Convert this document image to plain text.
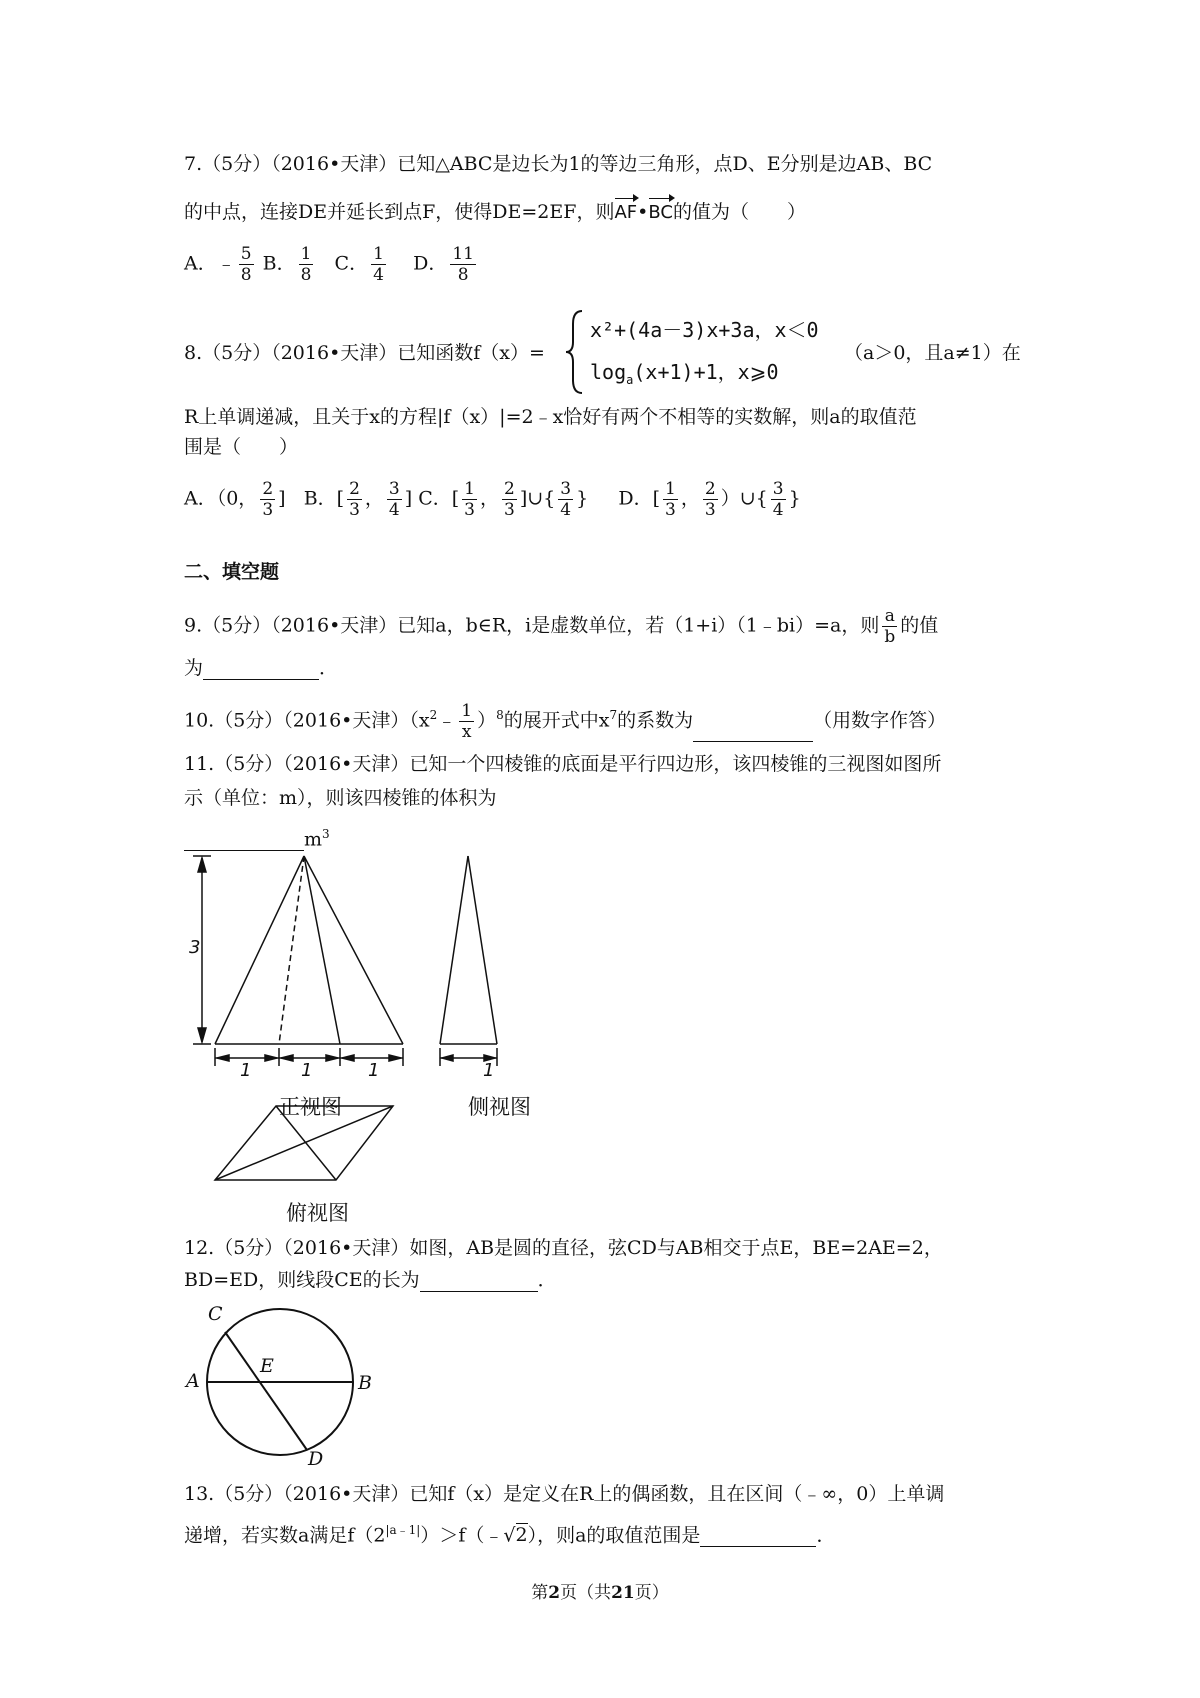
7.（5分）（2016•天津）已知△ABC是边长为1的等边三角形，点D、E分别是边AB、BC
的中点，连接DE并延长到点F，使得DE=2EF，则AF•BC的值为（　　）
A．﹣ $\frac{5}{8}$ B． $\frac{1}{8}$ C． $\frac{1}{4}$ D． $\frac{11}{8}$
8.（5分）（2016•天津）已知函数f（x）=
x²+(4a－3)x+3a，x＜0
$\log_a(x+1)+1$，x⩾0
（a＞0，且a≠1）在
R上单调递减，且关于x的方程|f（x）|=2﹣x恰好有两个不相等的实数解，则a的取值范
围是（　　）
A．（0， $\frac{2}{3}$ ] B．[ $\frac{2}{3}$ ， $\frac{3}{4}$ ] C．[ $\frac{1}{3}$ ， $\frac{2}{3}$ ]∪{ $\frac{3}{4}$ } D．[ $\frac{1}{3}$ ， $\frac{2}{3}$ ）∪{ $\frac{3}{4}$ }
二、填空题
9.（5分）（2016•天津）已知a，b∈R，i是虚数单位，若（1+i）（1﹣bi）=a，则 $\frac{a}{b}$ 的值
为	．
10.（5分）（2016•天津）$(x^2﹣ \frac{1}{x} )^8$的展开式中$x^7$的系数为	（用数字作答）
11.（5分）（2016•天津）已知一个四棱锥的底面是平行四边形，该四棱锥的三视图如图所
示（单位：m），则该四棱锥的体积为
$m^3$
3
1	1	1	1
正视图	侧视图
俯视图
12.（5分）（2016•天津）如图，AB是圆的直径，弦CD与AB相交于点E，BE=2AE=2，
BD=ED，则线段CE的长为	．
C
A
E
B
D
13.（5分）（2016•天津）已知f（x）是定义在R上的偶函数，且在区间（﹣∞，0）上单调
递增，若实数a满足$f(2^{|a﹣1|})>f(﹣√2)$，则a的取值范围是	．
第2页（共21页）
